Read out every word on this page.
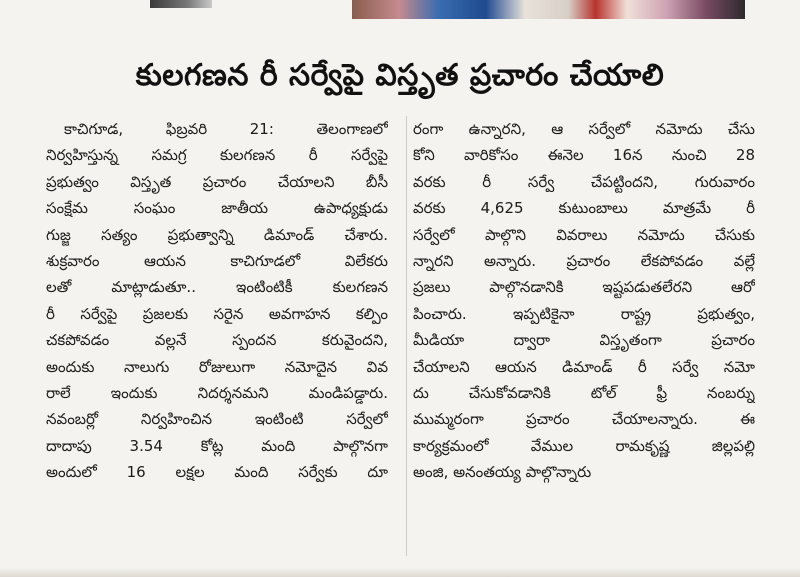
కులగణన రీ సర్వేపై విస్తృత ప్రచారం చేయాలి
కాచిగూడ, ఫిబ్రవరి 21: తెలంగాణలో
నిర్వహిస్తున్న సమగ్ర కులగణన రీ సర్వేపై
ప్రభుత్వం విస్తృత ప్రచారం చేయాలని బీసీ
సంక్షేమ సంఘం జాతీయ ఉపాధ్యక్షుడు
గుజ్జ సత్యం ప్రభుత్వాన్ని డిమాండ్ చేశారు.
శుక్రవారం ఆయన కాచిగూడలో విలేకరు
లతో మాట్లాడుతూ.. ఇంటింటికీ కులగణన
రీ సర్వేపై ప్రజలకు సరైన అవగాహన కల్పిం
చకపోవడం వల్లనే స్పందన కరువైందని,
అందుకు నాలుగు రోజులుగా నమోదైన వివ
రాలే ఇందుకు నిదర్శనమని మండిపడ్డారు.
నవంబర్లో నిర్వహించిన ఇంటింటి సర్వేలో
దాదాపు 3.54 కోట్ల మంది పాల్గొనగా
అందులో 16 లక్షల మంది సర్వేకు దూ
రంగా ఉన్నారని, ఆ సర్వేలో నమోదు చేసు
కోని వారికోసం ఈనెల 16న నుంచి 28
వరకు రీ సర్వే చేపట్టిందని, గురువారం
వరకు 4,625 కుటుంబాలు మాత్రమే రీ
సర్వేలో పాల్గొని వివరాలు నమోదు చేసుకు
న్నారని అన్నారు. ప్రచారం లేకపోవడం వల్లే
ప్రజలు పాల్గొనడానికి ఇష్టపడుతలేరని ఆరో
పించారు. ఇప్పటికైనా రాష్ట్ర ప్రభుత్వం,
మీడియా ద్వారా విస్తృతంగా ప్రచారం
చేయాలని ఆయన డిమాండ్ రీ సర్వే నమో
దు చేసుకోవడానికి టోల్ ఫ్రీ నంబర్ను
ముమ్మరంగా ప్రచారం చేయాలన్నారు. ఈ
కార్యక్రమంలో వేముల రామకృష్ణ జిల్లపల్లి
అంజి, అనంతయ్య పాల్గొన్నారు
